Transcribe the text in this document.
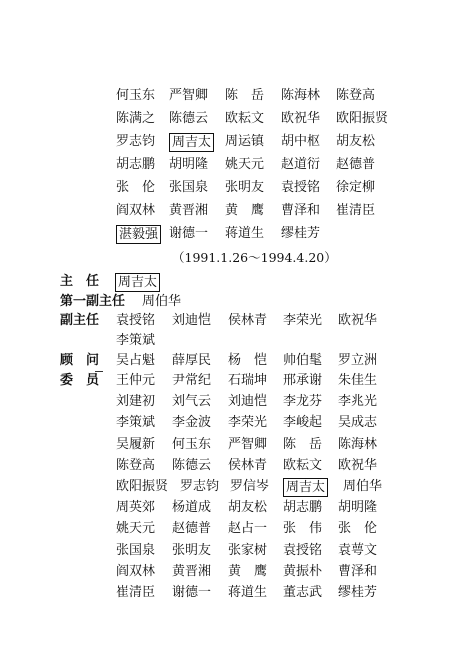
何玉东 严智卿 陈　岳 陈海林 陈登高
陈满之 陈德云 欧耘文 欧祝华 欧阳振贤
罗志钧 周吉太 周运镇 胡中枢 胡友松
胡志鹏 胡明隆 姚天元 赵道衍 赵德普
张　伦 张国泉 张明友 袁授铭 徐定柳
阎双林 黄晋湘 黄　鹰 曹泽和 崔清臣
湛毅强 谢德一 蒋道生 缪桂芳
（1991.1.26～1994.4.20）
主　任 周吉太
第一副主任 周伯华
副主任 袁授铭 刘迪恺 侯林青 李荣光 欧祝华
李策斌
顾　问 吴占魁 薛厚民 杨　恺 帅伯髦 罗立洲
委　员 王仲元 尹常纪 石瑞坤 邢承谢 朱佳生
刘建初 刘气云 刘迪恺 李龙芬 李兆光
李策斌 李金波 李荣光 李峻起 吴成志
吴履新 何玉东 严智卿 陈　岳 陈海林
陈登高 陈德云 侯林青 欧耘文 欧祝华
欧阳振贤 罗志钧 罗信岑 周吉太 周伯华
周英郊 杨道成 胡友松 胡志鹏 胡明隆
姚天元 赵德普 赵占一 张　伟 张　伦
张国泉 张明友 张家树 袁授铭 袁萼文
阎双林 黄晋湘 黄　鹰 黄振朴 曹泽和
崔清臣 谢德一 蒋道生 董志武 缪桂芳
